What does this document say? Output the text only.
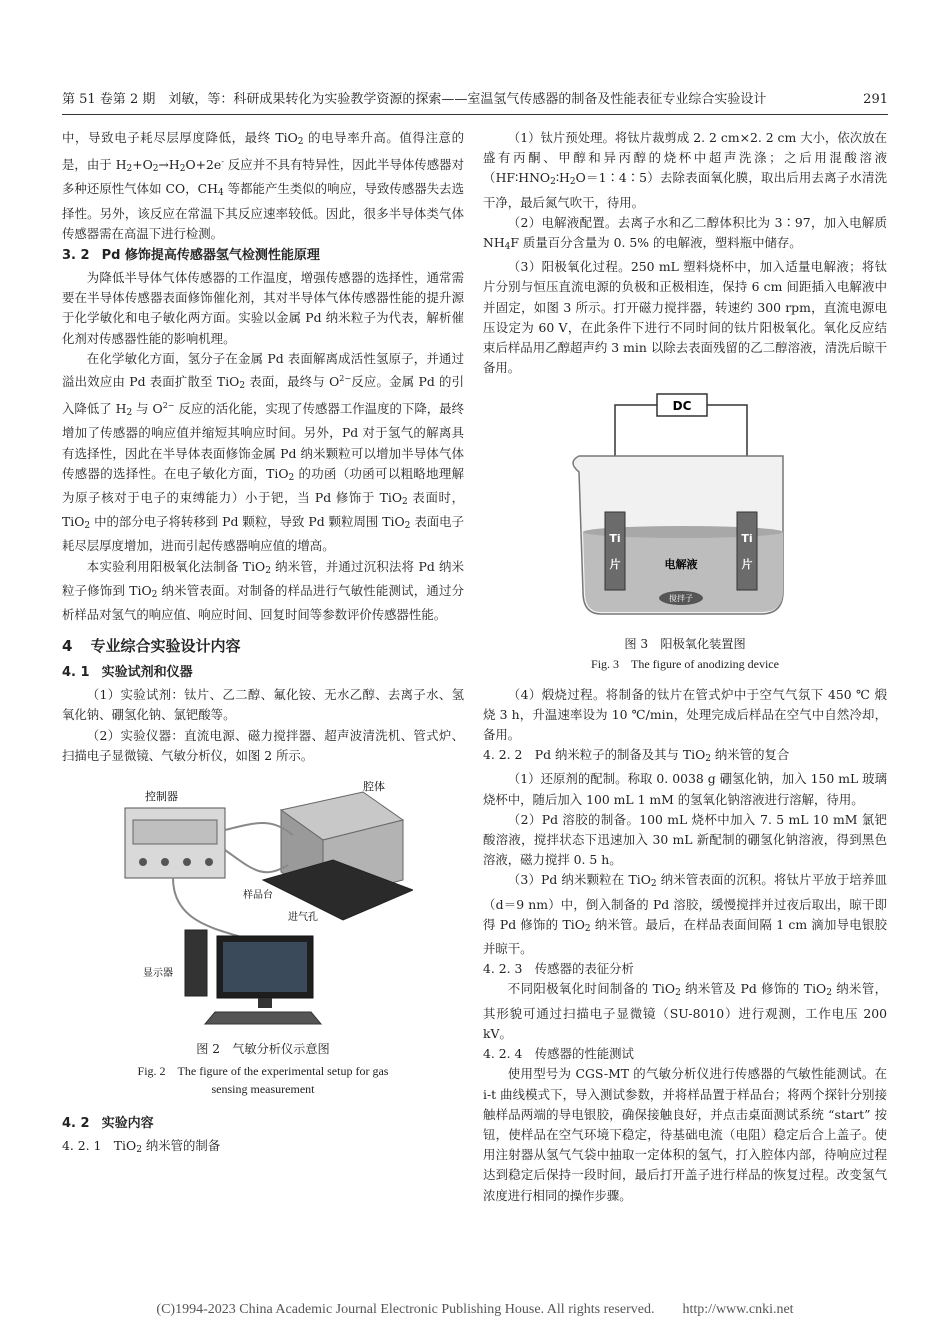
第 51 卷第 2 期　刘敏，等：科研成果转化为实验教学资源的探索——室温氢气传感器的制备及性能表征专业综合实验设计	291

中，导致电子耗尽层厚度降低，最终 TiO$_2$ 的电导率升高。值得注意的是，由于 $H_2+O_2\to H_2O+2e^-$ 反应并不具有特异性，因此半导体传感器对多种还原性气体如 CO，$CH_4$ 等都能产生类似的响应，导致传感器失去选择性。另外，该反应在常温下其反应速率较低。因此，很多半导体类气体传感器需在高温下进行检测。

3. 2 Pd 修饰提高传感器氢气检测性能原理

为降低半导体气体传感器的工作温度，增强传感器的选择性，通常需要在半导体传感器表面修饰催化剂，其对半导体气体传感器性能的提升源于化学敏化和电子敏化两方面。实验以金属 Pd 纳米粒子为代表，解析催化剂对传感器性能的影响机理。

在化学敏化方面，氢分子在金属 Pd 表面解离成活性氢原子，并通过溢出效应由 Pd 表面扩散至 TiO$_2$ 表面，最终与 $O^{2-}$反应。金属 Pd 的引入降低了 $H_2$ 与 $O^{2-}$ 反应的活化能，实现了传感器工作温度的下降，最终增加了传感器的响应值并缩短其响应时间。另外，Pd 对于氢气的解离具有选择性，因此在半导体表面修饰金属 Pd 纳米颗粒可以增加半导体气体传感器的选择性。在电子敏化方面，TiO$_2$ 的功函（功函可以粗略地理解为原子核对于电子的束缚能力）小于钯，当 Pd 修饰于 TiO$_2$ 表面时，TiO$_2$ 中的部分电子将转移到 Pd 颗粒，导致 Pd 颗粒周围 TiO$_2$ 表面电子耗尽层厚度增加，进而引起传感器响应值的增高。

本实验利用阳极氧化法制备 TiO$_2$ 纳米管，并通过沉积法将 Pd 纳米粒子修饰到 TiO$_2$ 纳米管表面。对制备的样品进行气敏性能测试，通过分析样品对氢气的响应值、响应时间、回复时间等参数评价传感器性能。

4 专业综合实验设计内容
4. 1 实验试剂和仪器

（1）实验试剂：钛片、乙二醇、氟化铵、无水乙醇、去离子水、氢氧化钠、硼氢化钠、氯钯酸等。

（2）实验仪器：直流电源、磁力搅拌器、超声波清洗机、管式炉、扫描电子显微镜、气敏分析仪，如图 2 所示。

控制器
腔体
样品台
进气孔
显示器
图 2　气敏分析仪示意图
Fig. 2　The figure of the experimental setup for gas
sensing measurement
4. 2 实验内容
4. 2. 1　TiO$_2$ 纳米管的制备

（1）钛片预处理。将钛片裁剪成 2. 2 cm×2. 2 cm 大小，依次放在盛有丙酮、甲醇和异丙醇的烧杯中超声洗涤；之后用混酸溶液$(HF∶HNO_2∶H_2O=1∶4∶5)$去除表面氧化膜，取出后用去离子水清洗干净，最后氮气吹干，待用。

（2）电解液配置。去离子水和乙二醇体积比为 3∶97，加入电解质 $NH_4F$ 质量百分含量为 0. 5% 的电解液，塑料瓶中储存。

（3）阳极氧化过程。250 mL 塑料烧杯中，加入适量电解液；将钛片分别与恒压直流电源的负极和正极相连，保持 6 cm 间距插入电解液中并固定，如图 3 所示。打开磁力搅拌器，转速约 300 rpm，直流电源电压设定为 60 V，在此条件下进行不同时间的钛片阳极氧化。氧化反应结束后样品用乙醇超声约 3 min 以除去表面残留的乙二醇溶液，清洗后晾干备用。

DC
Ti
片
Ti
片
电解液
搅拌子
图 3　阳极氧化装置图
Fig. 3　The figure of anodizing device

（4）煅烧过程。将制备的钛片在管式炉中于空气气氛下 450 ℃ 煅烧 3 h，升温速率设为 10 ℃/min，处理完成后样品在空气中自然冷却，备用。

4. 2. 2　Pd 纳米粒子的制备及其与 TiO$_2$ 纳米管的复合

（1）还原剂的配制。称取 0. 0038 g 硼氢化钠，加入 150 mL 玻璃烧杯中，随后加入 100 mL 1 mM 的氢氧化钠溶液进行溶解，待用。

（2）Pd 溶胶的制备。100 mL 烧杯中加入 7. 5 mL 10 mM 氯钯酸溶液，搅拌状态下迅速加入 30 mL 新配制的硼氢化钠溶液，得到黑色溶液，磁力搅拌 0. 5 h。

（3）Pd 纳米颗粒在 TiO$_2$ 纳米管表面的沉积。将钛片平放于培养皿（d＝9 nm）中，倒入制备的 Pd 溶胶，缓慢搅拌并过夜后取出，晾干即得 Pd 修饰的 TiO$_2$ 纳米管。最后，在样品表面间隔 1 cm 滴加导电银胶并晾干。

4. 2. 3　传感器的表征分析

不同阳极氧化时间制备的 TiO$_2$ 纳米管及 Pd 修饰的 TiO$_2$ 纳米管，其形貌可通过扫描电子显微镜（SU-8010）进行观测，工作电压 200 kV。

4. 2. 4　传感器的性能测试

使用型号为 CGS-MT 的气敏分析仪进行传感器的气敏性能测试。在 i-t 曲线模式下，导入测试参数，并将样品置于样品台；将两个探针分别接触样品两端的导电银胶，确保接触良好，并点击桌面测试系统 “start” 按钮，使样品在空气环境下稳定，待基础电流（电阻）稳定后合上盖子。使用注射器从氢气气袋中抽取一定体积的氢气，打入腔体内部，待响应过程达到稳定后保持一段时间，最后打开盖子进行样品的恢复过程。改变氢气浓度进行相同的操作步骤。

(C)1994-2023 China Academic Journal Electronic Publishing House. All rights reserved.　　http://www.cnki.net
